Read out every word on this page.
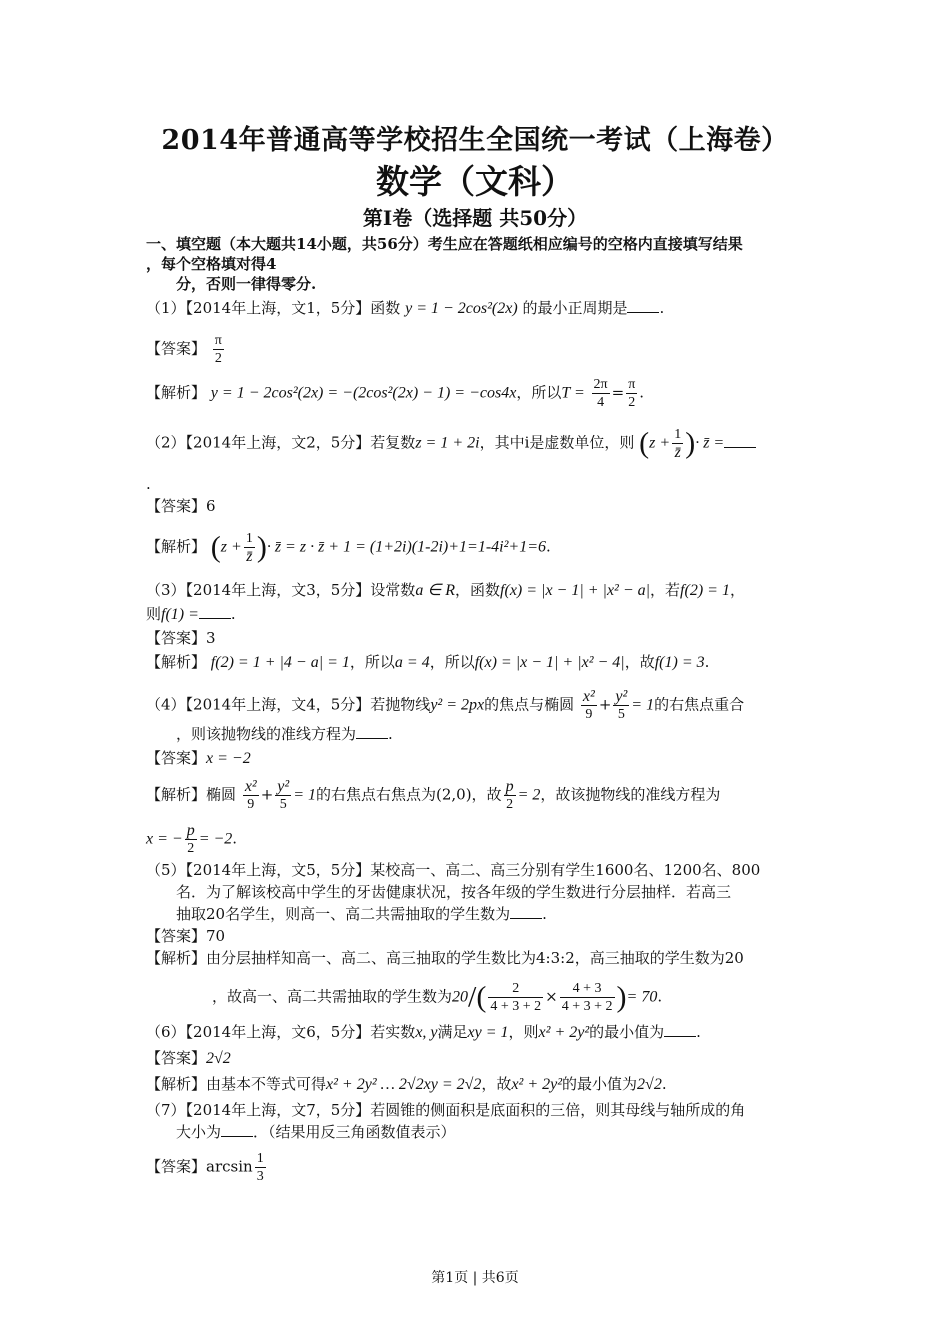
2014年普通高等学校招生全国统一考试（上海卷）
数学（文科）
第I卷（选择题 共50分）
一、填空题（本大题共14小题，共56分）考生应在答题纸相应编号的空格内直接填写结果
，每个空格填对得4
分，否则一律得零分.
（1）【2014年上海，文1，5分】函数 y = 1 − 2cos²(2x) 的最小正周期是 .
【答案】 $\frac{\pi}{2}$
【解析】 y = 1 − 2cos²(2x) = −(2cos²(2x) − 1) = −cos4x，所以$T = \frac{2\pi}{4} = \frac{\pi}{2}$ .
（2）【2014年上海，文2，5分】若复数z = 1 + 2i，其中i是虚数单位，则 ($z + \frac{1}{z̄}$ )· z̄ =
.
【答案】6
【解析】 ($z + \frac{1}{z̄}$ )· z̄ = z · z̄ + 1 = (1+2i)(1-2i)+1=1-4i²+1=6.
（3）【2014年上海，文3，5分】设常数a ∈ R，函数f(x) = |x − 1| + |x² − a|，若f(2) = 1，
则f(1) = .
【答案】3
【解析】 f(2) = 1 + |4 − a| = 1，所以a = 4，所以f(x) = |x − 1| + |x² − 4|，故f(1) = 3.
（4）【2014年上海，文4，5分】若抛物线y² = 2px的焦点与椭圆 $\frac{\text{x²}}{9} + \frac{\text{y²}}{5} = 1$的右焦点重合
，则该抛物线的准线方程为 .
【答案】x = −2
【解析】椭圆 $\frac{\text{x²}}{9} + \frac{\text{y²}}{5} = 1$的右焦点右焦点为(2,0)，故 $\frac{p}{2} = 2$，故该抛物线的准线方程为
x = − $\frac{p}{2} = -2$.
（5）【2014年上海，文5，5分】某校高一、高二、高三分别有学生1600名、1200名、800
名．为了解该校高中学生的牙齿健康状况，按各年级的学生数进行分层抽样．若高三
抽取20名学生，则高一、高二共需抽取的学生数为 .
【答案】70
【解析】由分层抽样知高一、高二、高三抽取的学生数比为4:3:2，高三抽取的学生数为20
，故高一、高二共需抽取的学生数为$20/( \frac{2}{4 + 3 + 2} \times \frac{4 + 3}{4 + 3 + 2}$ )= 70.
（6）【2014年上海，文6，5分】若实数x, y满足xy = 1，则x² + 2y²的最小值为 .
【答案】2√2
【解析】由基本不等式可得x² + 2y² … 2√2xy = 2√2，故x² + 2y²的最小值为2√2.
（7）【2014年上海，文7，5分】若圆锥的侧面积是底面积的三倍，则其母线与轴所成的角
大小为 ．（结果用反三角函数值表示）
【答案】$\arcsin \frac{1}{3}$
第1页 | 共6页
